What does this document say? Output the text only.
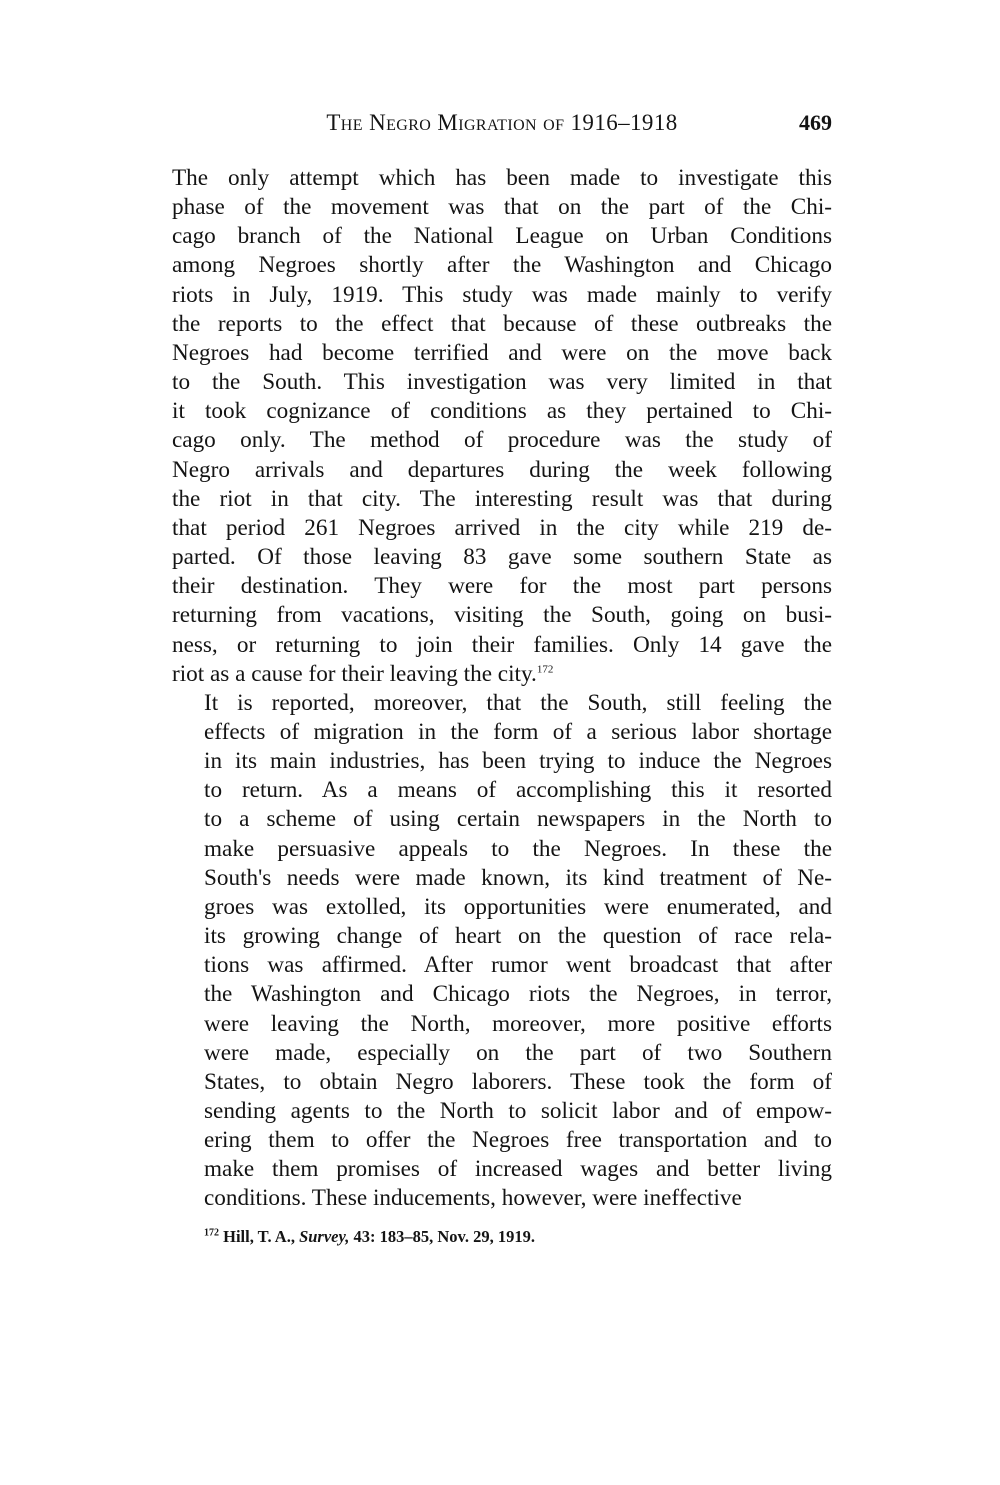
The Negro Migration of 1916–1918	469

The only attempt which has been made to investigate this
phase of the movement was that on the part of the Chi-
cago branch of the National League on Urban Conditions
among Negroes shortly after the Washington and Chicago
riots in July, 1919. This study was made mainly to verify
the reports to the effect that because of these outbreaks the
Negroes had become terrified and were on the move back
to the South. This investigation was very limited in that
it took cognizance of conditions as they pertained to Chi-
cago only. The method of procedure was the study of
Negro arrivals and departures during the week following
the riot in that city. The interesting result was that during
that period 261 Negroes arrived in the city while 219 de-
parted. Of those leaving 83 gave some southern State as
their destination. They were for the most part persons
returning from vacations, visiting the South, going on busi-
ness, or returning to join their families. Only 14 gave the
riot as a cause for their leaving the city.$^{172}$

It is reported, moreover, that the South, still feeling the
effects of migration in the form of a serious labor shortage
in its main industries, has been trying to induce the Negroes
to return. As a means of accomplishing this it resorted
to a scheme of using certain newspapers in the North to
make persuasive appeals to the Negroes. In these the
South's needs were made known, its kind treatment of Ne-
groes was extolled, its opportunities were enumerated, and
its growing change of heart on the question of race rela-
tions was affirmed. After rumor went broadcast that after
the Washington and Chicago riots the Negroes, in terror,
were leaving the North, moreover, more positive efforts
were made, especially on the part of two Southern
States, to obtain Negro laborers. These took the form of
sending agents to the North to solicit labor and of empow-
ering them to offer the Negroes free transportation and to
make them promises of increased wages and better living
conditions. These inducements, however, were ineffective

$^{172}$ Hill, T. A., Survey, 43: 183–85, Nov. 29, 1919.
